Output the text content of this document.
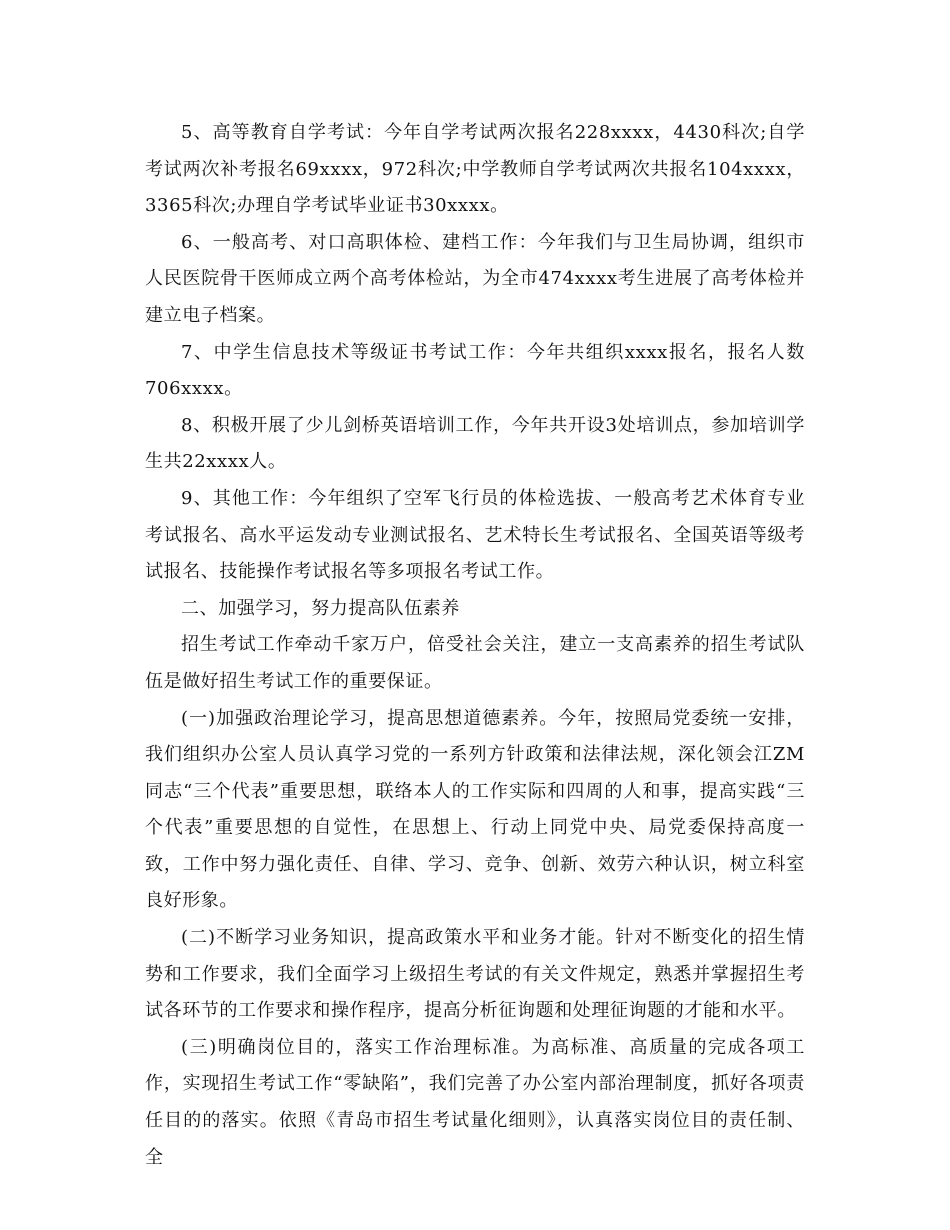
5、高等教育自学考试：今年自学考试两次报名228xxxx，4430科次;自学考试两次补考报名69xxxx，972科次;中学教师自学考试两次共报名104xxxx，3365科次;办理自学考试毕业证书30xxxx。

6、一般高考、对口高职体检、建档工作：今年我们与卫生局协调，组织市人民医院骨干医师成立两个高考体检站，为全市474xxxx考生进展了高考体检并建立电子档案。

7、中学生信息技术等级证书考试工作：今年共组织xxxx报名，报名人数706xxxx。

8、积极开展了少儿剑桥英语培训工作，今年共开设3处培训点，参加培训学生共22xxxx人。

9、其他工作：今年组织了空军飞行员的体检选拔、一般高考艺术体育专业考试报名、高水平运发动专业测试报名、艺术特长生考试报名、全国英语等级考试报名、技能操作考试报名等多项报名考试工作。

二、加强学习，努力提高队伍素养

招生考试工作牵动千家万户，倍受社会关注，建立一支高素养的招生考试队伍是做好招生考试工作的重要保证。

(一)加强政治理论学习，提高思想道德素养。今年，按照局党委统一安排，我们组织办公室人员认真学习党的一系列方针政策和法律法规，深化领会江ZM同志“三个代表”重要思想，联络本人的工作实际和四周的人和事，提高实践“三个代表”重要思想的自觉性，在思想上、行动上同党中央、局党委保持高度一致，工作中努力强化责任、自律、学习、竞争、创新、效劳六种认识，树立科室良好形象。

(二)不断学习业务知识，提高政策水平和业务才能。针对不断变化的招生情势和工作要求，我们全面学习上级招生考试的有关文件规定，熟悉并掌握招生考试各环节的工作要求和操作程序，提高分析征询题和处理征询题的才能和水平。

(三)明确岗位目的，落实工作治理标准。为高标准、高质量的完成各项工作，实现招生考试工作“零缺陷”，我们完善了办公室内部治理制度，抓好各项责任目的的落实。依照《青岛市招生考试量化细则》，认真落实岗位目的责任制、全
